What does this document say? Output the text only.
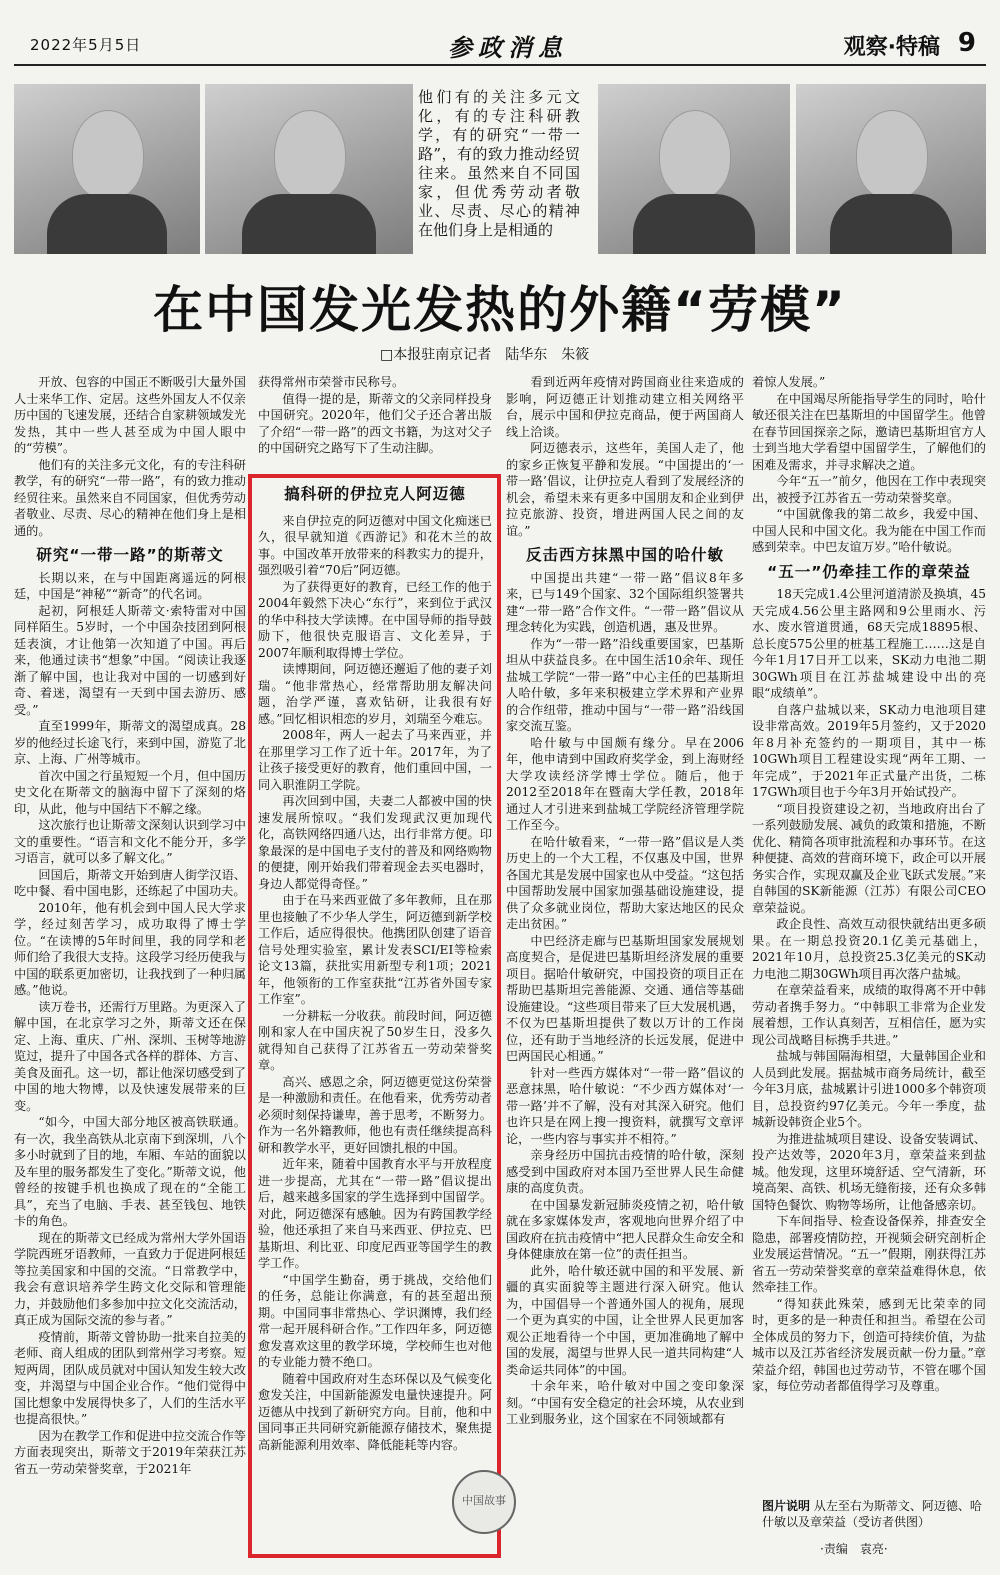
2022年5月5日	参政消息	观察·特稿 9
他们有的关注多元文化，有的专注科研教学，有的研究“一带一路”，有的致力推动经贸往来。虽然来自不同国家，但优秀劳动者敬业、尽责、尽心的精神在他们身上是相通的
在中国发光发热的外籍“劳模”
□本报驻南京记者　陆华东　朱筱

开放、包容的中国正不断吸引大量外国人士来华工作、定居。这些外国友人不仅亲历中国的飞速发展，还结合自家耕领域发光发热，其中一些人甚至成为中国人眼中的“劳模”。

他们有的关注多元文化，有的专注科研教学，有的研究“一带一路”，有的致力推动经贸往来。虽然来自不同国家，但优秀劳动者敬业、尽责、尽心的精神在他们身上是相通的。

研究“一带一路”的斯蒂文

长期以来，在与中国距离遥远的阿根廷，中国是“神秘”“新奇”的代名词。

起初，阿根廷人斯蒂文·索特雷对中国同样陌生。5岁时，一个中国杂技团到阿根廷表演，才让他第一次知道了中国。再后来，他通过读书“想象”中国。“阅读让我逐渐了解中国，也让我对中国的一切感到好奇、着迷，渴望有一天到中国去游历、感受。”

直至1999年，斯蒂文的渴望成真。28岁的他经过长途飞行，来到中国，游览了北京、上海、广州等城市。

首次中国之行虽短短一个月，但中国历史文化在斯蒂文的脑海中留下了深刻的烙印，从此，他与中国结下不解之缘。

这次旅行也让斯蒂文深刻认识到学习中文的重要性。“语言和文化不能分开，多学习语言，就可以多了解文化。”

回国后，斯蒂文开始到唐人街学汉语、吃中餐、看中国电影，还练起了中国功夫。

2010年，他有机会到中国人民大学求学，经过刻苦学习，成功取得了博士学位。“在读博的5年时间里，我的同学和老师们给了我很大支持。这段学习经历使我与中国的联系更加密切，让我找到了一种归属感。”他说。

读万卷书，还需行万里路。为更深入了解中国，在北京学习之外，斯蒂文还在保定、上海、重庆、广州、深圳、玉树等地游览过，提升了中国各式各样的群体、方言、美食及面孔。这一切，都让他深切感受到了中国的地大物博，以及快速发展带来的巨变。

“如今，中国大部分地区被高铁联通。有一次，我坐高铁从北京南下到深圳，八个多小时就到了目的地，车厢、车站的面貌以及车里的服务都发生了变化。”斯蒂文说，他曾经的按键手机也换成了现在的“全能工具”，充当了电脑、手表、甚至钱包、地铁卡的角色。

现在的斯蒂文已经成为常州大学外国语学院西班牙语教师，一直致力于促进阿根廷等拉美国家和中国的交流。“日常教学中，我会有意识培养学生跨文化交际和管理能力，并鼓励他们多参加中拉文化交流活动，真正成为国际交流的参与者。”

疫情前，斯蒂文曾协助一批来自拉美的老师、商人组成的团队到常州学习考察。短短两周，团队成员就对中国认知发生较大改变，并渴望与中国企业合作。“他们觉得中国比想象中发展得快多了，人们的生活水平也提高很快。”

因为在教学工作和促进中拉交流合作等方面表现突出，斯蒂文于2019年荣获江苏省五一劳动荣誉奖章，于2021年

获得常州市荣誉市民称号。

值得一提的是，斯蒂文的父亲同样投身中国研究。2020年，他们父子还合著出版了介绍“一带一路”的西文书籍，为这对父子的中国研究之路写下了生动注脚。

搞科研的伊拉克人阿迈德

来自伊拉克的阿迈德对中国文化痴迷已久，很早就知道《西游记》和花木兰的故事。中国改革开放带来的科教实力的提升，强烈吸引着“70后”阿迈德。

为了获得更好的教育，已经工作的他于2004年毅然下决心“东行”，来到位于武汉的华中科技大学读博。在中国导师的指导鼓励下，他很快克服语言、文化差异，于2007年顺利取得博士学位。

读博期间，阿迈德还邂逅了他的妻子刘瑞。“他非常热心，经常帮助朋友解决问题，治学严谨，喜欢钻研，让我很有好感。”回忆相识相恋的岁月，刘瑞至今难忘。

2008年，两人一起去了马来西亚，并在那里学习工作了近十年。2017年，为了让孩子接受更好的教育，他们重回中国，一同入职淮阴工学院。

再次回到中国，夫妻二人都被中国的快速发展所惊叹。“我们发现武汉更加现代化，高铁网络四通八达，出行非常方便。印象最深的是中国电子支付的普及和网络购物的便捷，刚开始我们带着现金去买电器时，身边人都觉得奇怪。”

由于在马来西亚做了多年教师，且在那里也接触了不少华人学生，阿迈德到新学校工作后，适应得很快。他携团队创建了语音信号处理实验室，累计发表SCI/EI等检索论文13篇，获批实用新型专利1项；2021年，他领衔的工作室获批“江苏省外国专家工作室”。

一分耕耘一分收获。前段时间，阿迈德刚和家人在中国庆祝了50岁生日，没多久就得知自己获得了江苏省五一劳动荣誉奖章。

高兴、感恩之余，阿迈德更觉这份荣誉是一种激励和责任。在他看来，优秀劳动者必须时刻保持谦卑，善于思考，不断努力。作为一名外籍教师，他也有责任继续提高科研和教学水平，更好回馈扎根的中国。

近年来，随着中国教育水平与开放程度进一步提高，尤其在“一带一路”倡议提出后，越来越多国家的学生选择到中国留学。对此，阿迈德深有感触。因为有跨国教学经验，他还承担了来自马来西亚、伊拉克、巴基斯坦、利比亚、印度尼西亚等国学生的教学工作。

“中国学生勤奋，勇于挑战，交给他们的任务，总能让你满意，有的甚至超出预期。中国同事非常热心、学识渊博，我们经常一起开展科研合作。”工作四年多，阿迈德愈发喜欢这里的教学环境，学校师生也对他的专业能力赞不绝口。

随着中国政府对生态环保以及气候变化愈发关注，中国新能源发电量快速提升。阿迈德从中找到了新研究方向。目前，他和中国同事正共同研究新能源存储技术，聚焦提高新能源利用效率、降低能耗等内容。

看到近两年疫情对跨国商业往来造成的影响，阿迈德正计划推动建立相关网络平台，展示中国和伊拉克商品，便于两国商人线上洽谈。

阿迈德表示，这些年，美国人走了，他的家乡正恢复平静和发展。“中国提出的‘一带一路’倡议，让伊拉克人看到了发展经济的机会，希望未来有更多中国朋友和企业到伊拉克旅游、投资，增进两国人民之间的友谊。”

反击西方抹黑中国的哈什敏

中国提出共建“一带一路”倡议8年多来，已与149个国家、32个国际组织签署共建“一带一路”合作文件。“一带一路”倡议从理念转化为实践，创造机遇，惠及世界。

作为“一带一路”沿线重要国家，巴基斯坦从中获益良多。在中国生活10余年、现任盐城工学院“一带一路”中心主任的巴基斯坦人哈什敏，多年来积极建立学术界和产业界的合作纽带，推动中国与“一带一路”沿线国家交流互鉴。

哈什敏与中国颇有缘分。早在2006年，他申请到中国政府奖学金，到上海财经大学攻读经济学博士学位。随后，他于2012至2018年在暨南大学任教，2018年通过人才引进来到盐城工学院经济管理学院工作至今。

在哈什敏看来，“一带一路”倡议是人类历史上的一个大工程，不仅惠及中国，世界各国尤其是发展中国家也从中受益。“这包括中国帮助发展中国家加强基础设施建设，提供了众多就业岗位，帮助大家达地区的民众走出贫困。”

中巴经济走廊与巴基斯坦国家发展规划高度契合，是促进巴基斯坦经济发展的重要项目。据哈什敏研究，中国投资的项目正在帮助巴基斯坦完善能源、交通、通信等基础设施建设。“这些项目带来了巨大发展机遇，不仅为巴基斯坦提供了数以万计的工作岗位，还有助于当地经济的长远发展，促进中巴两国民心相通。”

针对一些西方媒体对“一带一路”倡议的恶意抹黑，哈什敏说：“不少西方媒体对‘一带一路’并不了解，没有对其深入研究。他们也许只是在网上搜一搜资料，就撰写文章评论，一些内容与事实并不相符。”

亲身经历中国抗击疫情的哈什敏，深刻感受到中国政府对本国乃至世界人民生命健康的高度负责。

在中国暴发新冠肺炎疫情之初，哈什敏就在多家媒体发声，客观地向世界介绍了中国政府在抗击疫情中“把人民群众生命安全和身体健康放在第一位”的责任担当。

此外，哈什敏还就中国的和平发展、新疆的真实面貌等主题进行深入研究。他认为，中国倡导一个普通外国人的视角，展现一个更为真实的中国，让全世界人民更加客观公正地看待一个中国，更加准确地了解中国的发展，渴望与世界人民一道共同构建“人类命运共同体”的中国。

十余年来，哈什敏对中国之变印象深刻。“中国有安全稳定的社会环境，从农业到工业到服务业，这个国家在不同领域都有

着惊人发展。”

在中国竭尽所能指导学生的同时，哈什敏还很关注在巴基斯坦的中国留学生。他曾在春节回国探亲之际，邀请巴基斯坦官方人士到当地大学看望中国留学生，了解他们的困难及需求，并寻求解决之道。

今年“五一”前夕，他因在工作中表现突出，被授予江苏省五一劳动荣誉奖章。

“中国就像我的第二故乡，我爱中国、中国人民和中国文化。我为能在中国工作而感到荣幸。中巴友谊万岁。”哈什敏说。

“五一”仍牵挂工作的章荣益

18天完成1.4公里河道清淤及换填，45天完成4.56公里主路网和9公里雨水、污水、废水管道贯通，68天完成18895根、总长度575公里的桩基工程施工……这是自今年1月17日开工以来，SK动力电池二期30GWh项目在江苏盐城建设中出的亮眼“成绩单”。

自落户盐城以来，SK动力电池项目建设非常高效。2019年5月签约，又于2020年8月补充签约的一期项目，其中一栋10GWh项目工程建设实现“两年工期、一年完成”，于2021年正式量产出货，二栋17GWh项目也于今年3月开始试投产。

“项目投资建设之初，当地政府出台了一系列鼓励发展、减负的政策和措施，不断优化、精简各项审批流程和办事环节。在这种便捷、高效的营商环境下，政企可以开展务实合作，实现双赢及企业飞跃式发展。”来自韩国的SK新能源（江苏）有限公司CEO章荣益说。

政企良性、高效互动很快就结出更多硕果。在一期总投资20.1亿美元基础上，2021年10月，总投资25.3亿美元的SK动力电池二期30GWh项目再次落户盐城。

在章荣益看来，成绩的取得离不开中韩劳动者携手努力。“中韩职工非常为企业发展着想，工作认真刻苦，互相信任，愿为实现公司战略目标携手共进。”

盐城与韩国隔海相望，大量韩国企业和人员到此发展。据盐城市商务局统计，截至今年3月底，盐城累计引进1000多个韩资项目，总投资约97亿美元。今年一季度，盐城新设韩资企业5个。

为推进盐城项目建设、设备安装调试、投产达效等，2020年3月，章荣益来到盐城。他发现，这里环境舒适、空气清新，环境高架、高铁、机场无缝衔接，还有众多韩国特色餐饮、购物等场所，让他备感亲切。

下车间指导、检查设备保养，排查安全隐患，部署疫情防控，开视频会研究剖析企业发展运营情况。“五一”假期，刚获得江苏省五一劳动荣誉奖章的章荣益难得休息，依然牵挂工作。

“得知获此殊荣，感到无比荣幸的同时，更多的是一种责任和担当。希望在公司全体成员的努力下，创造可持续价值，为盐城市以及江苏省经济发展贡献一份力量。”章荣益介绍，韩国也过劳动节，不管在哪个国家，每位劳动者都值得学习及尊重。

中国故事	图片说明 从左至右为斯蒂文、阿迈德、哈什敏以及章荣益（受访者供图）
·责编　袁亮·
